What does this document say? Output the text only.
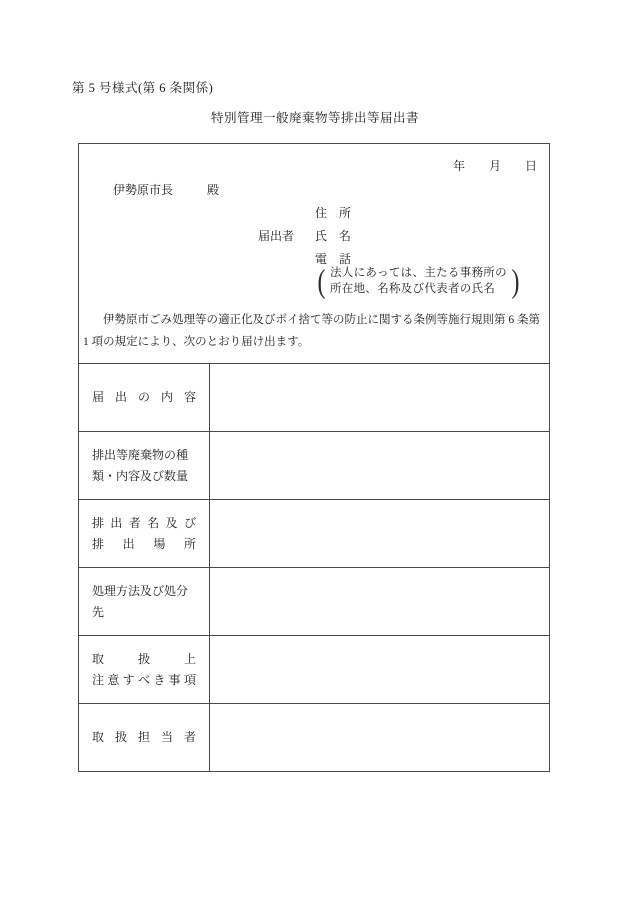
第 5 号様式(第 6 条関係)
特別管理一般廃棄物等排出等届出書
年　　月　　日
伊勢原市長	殿
住　所
届出者 氏　名
電　話
( 法人にあっては、主たる事務所の
所在地、名称及び代表者の氏名 )
伊勢原市ごみ処理等の適正化及びポイ捨て等の防止に関する条例等施行規則第 6 条第
1 項の規定により、次のとおり届け出ます。
届 出 の 内 容
排出等廃棄物の種
類・内容及び数量
排 出 者 名 及 び
排 出 場 所
処理方法及び処分先
取 扱 上
注 意 す べ き 事 項
取 扱 担 当 者
